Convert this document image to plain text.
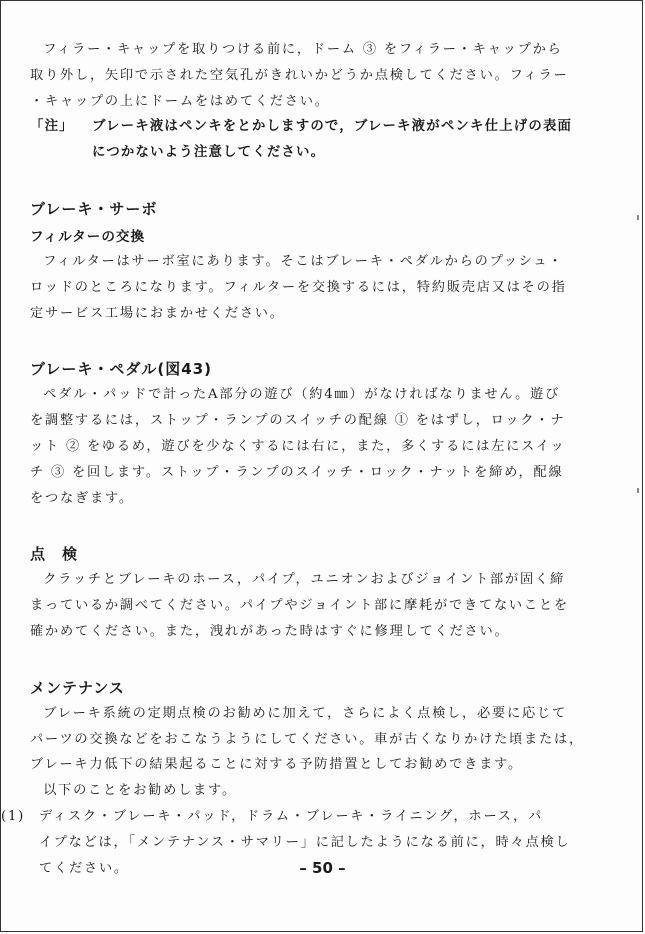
フィラー・キャップを取りつける前に，ドーム ③ をフィラー・キャップから

取り外し，矢印で示された空気孔がきれいかどうか点検してください。フィラー

・キャップの上にドームをはめてください。

「注」	ブレーキ液はペンキをとかしますので，ブレーキ液がペンキ仕上げの表面
につかないよう注意してください。
ブレーキ・サーボ
フィルターの交換

フィルターはサーボ室にあります。そこはブレーキ・ペダルからのプッシュ・

ロッドのところになります。フィルターを交換するには，特約販売店又はその指

定サービス工場におまかせください。

ブレーキ・ペダル(図43)

ペダル・パッドで計ったA部分の遊び（約4㎜）がなければなりません。遊び

を調整するには，ストップ・ランプのスイッチの配線 ① をはずし，ロック・ナ

ット ② をゆるめ，遊びを少なくするには右に，また，多くするには左にスイッ

チ ③ を回します。ストップ・ランプのスイッチ・ロック・ナットを締め，配線

をつなぎます。

点　検

クラッチとブレーキのホース，パイプ，ユニオンおよびジョイント部が固く締

まっているか調べてください。パイプやジョイント部に摩耗ができてないことを

確かめてください。また，洩れがあった時はすぐに修理してください。

メンテナンス

ブレーキ系統の定期点検のお勧めに加えて，さらによく点検し，必要に応じて

パーツの交換などをおこなうようにしてください。車が古くなりかけた頃または，

ブレーキ力低下の結果起ることに対する予防措置としてお勧めできます。

以下のことをお勧めします。

(1)	ディスク・ブレーキ・パッド，ドラム・ブレーキ・ライニング，ホース，パ

イプなどは，「メンテナンス・サマリー」に記したようになる前に，時々点検し

てください。	– 50 –
